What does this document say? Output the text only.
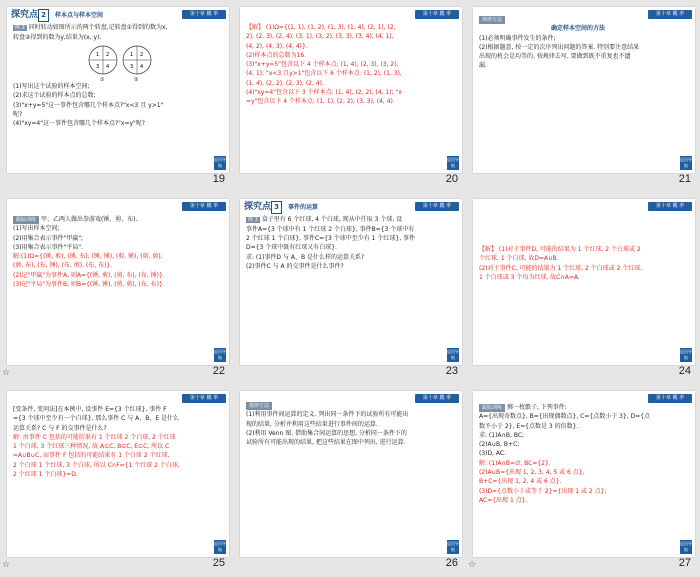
探究点 2 样本点与样本空间	第十章 概 率
例 2 同时转动如图所示的两个转盘,记转盘①得到的数为x,
转盘②得到的数为y,结果为(x, y).
1 2
3 4
1 2
3 4
①	②
(1)写出这个试验的样本空间;
(2)求这个试验的样本点的总数;
(3)"x+y=5"这一事件包含哪几个样本点?"x<3 且 y>1"
呢?
(4)"xy=4"这一事件包含哪几个样本点?"x=y"呢?
返回导航
19
第十章 概 率
【解】 (1)Ω={(1, 1), (1, 2), (1, 3), (1, 4), (2, 1), (2,
2), (2, 3), (2, 4), (3, 1), (3, 2), (3, 3), (3, 4), (4, 1),
(4, 2), (4, 3), (4, 4)}.
(2)样本点的总数为16.
(3)"x+y=5"包含以下 4 个样本点: (1, 4), (2, 3), (3, 2),
(4, 1); "x<3 且y>1"包含以下 6 个样本点: (1, 2), (1, 3),
(1, 4), (2, 2), (2, 3), (2, 4).
(4)"xy=4"包含以下 3 个样本点: (1, 4), (2, 2), (4, 1); "x
=y"包含以下 4 个样本点: (1, 1), (2, 2), (3, 3), (4, 4).
返回导航
20
第十章 概 率
规律方法
确定样本空间的方法
(1)必须明确事件发生的条件;
(2)根据题意, 按一定的次序列出问题的答案. 特别要注意结果
出现的机会是均等的, 按规律去写, 要做到既不重复也不遗
漏.
返回导航
21
第十章 概 率
跟踪训练 甲、乙两人做出拳游戏(锤、剪、布).
(1)写出样本空间;
(2)用集合表示事件"甲赢";
(3)用集合表示事件"平局".
解:(1)Ω={(锤, 剪), (锤, 布), (锤, 锤), (剪, 锤), (剪, 剪),
(剪, 布), (布, 锤), (布, 剪), (布, 布)}.
(2)记"甲赢"为事件A, 则A={(锤, 剪), (剪, 布), (布, 锤)}.
(3)记"平局"为事件B, 则B={(锤, 锤), (剪, 剪), (布, 布)}.
返回导航
☆	22
探究点 3 事件的运算	第十章 概 率
例 3 盒子里有 6 个红球, 4 个白球, 现从中任取 3 个球, 设
事件A={3 个球中有 1 个红球 2 个白球}, 事件B={3 个球中有
2 个红球 1 个白球}, 事件C={3 个球中至少有 1 个红球}, 事件
D={3 个球中既有红球又有白球}.
求: (1)事件D 与 A、B 是什么样的运算关系?
(2)事件C 与 A 的交事件是什么事件?
返回导航
23
第十章 概 率
【解】 (1)对于事件D, 可能的结果为 1 个红球, 2 个白球或 2
个红球, 1 个白球, 故D=A∪B.
(2)对于事件C, 可能的结果为 1 个红球, 2 个白球或 2 个红球,
1 个白球或 3 个均为红球, 故C∩A=A.
返回导航
24
第十章 概 率
[变条件, 变问法]在本例中, 设事件 E={3 个红球}, 事件 F
={3 个球中至少有一个白球}, 那么事件 C 与 A、B、E 是什么
运算关系? C 与 F 的交事件是什么?
解: 由事件 C 包括的可能结果有 1 个红球 2 个白球, 2 个红球
1 个白球, 3 个红球三种情况, 故 A⊆C, B⊆C, E⊆C, 所以 C
=A∪B∪C, 而事件 F 包括的可能结果有 1 个白球 2 个红球,
2 个白球 1 个红球, 3 个白球, 所以 C∩F={1 个红球 2 个白球,
2 个红球 1 个白球}=D.
返回导航
☆	25
第十章 概 率
规律方法
(1)利用事件间运算的定义. 列出同一条件下的试验所有可能出
现的结果, 分析并利用这些结果进行事件间的运算.
(2)利用 Venn 图. 借助集合间运算的思想, 分析同一条件下的
试验所有可能出现的结果, 把这些结果在图中列出, 进行运算.
返回导航
26
第十章 概 率
跟踪训练 掷一枚骰子, 下列事件:
A={出现奇数点}, B={出现偶数点}, C={点数小于 3}, D={点
数不小于 2}, E={点数是 3 的倍数}.
求: (1)A∩B, BC;
(2)A∪B, B+C;
(3)D, AC.
解: (1)A∩B=∅, BC={2}.
(2)A∪B={出现 1, 2, 3, 4, 5 或 6 点},
B+C={出现 1, 2, 4 或 6 点}.
(3)D={点数小于或等于 2}={出现 1 或 2 点};
AC={出现 1 点}.
返回导航
☆	27
